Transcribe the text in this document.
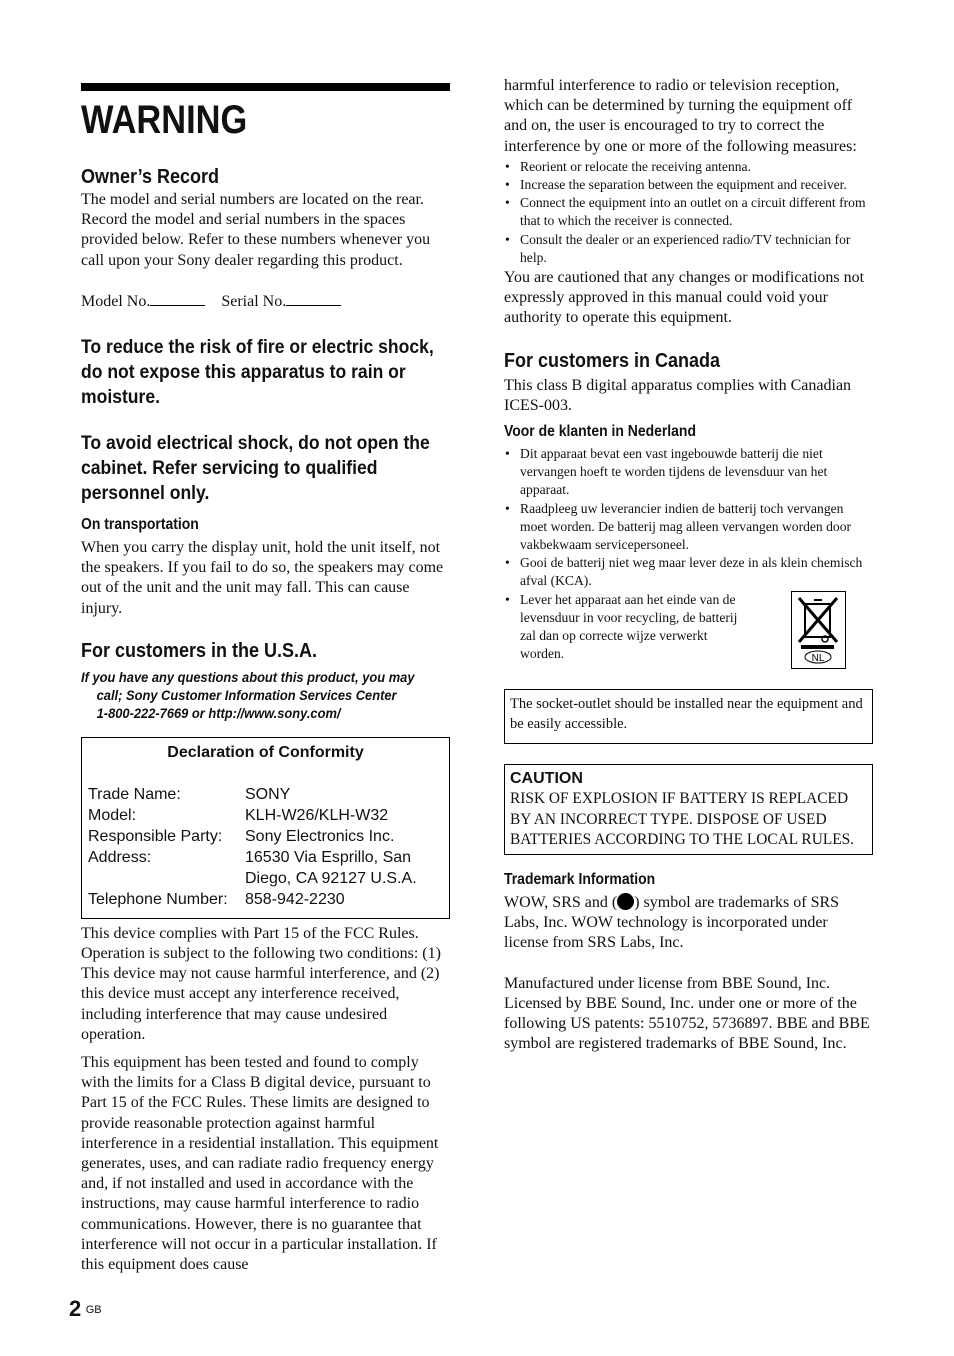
WARNING
Owner’s Record

The model and serial numbers are located on the rear. Record the model and serial numbers in the spaces provided below. Refer to these numbers whenever you call upon your Sony dealer regarding this product.

Model No.	Serial No.

To reduce the risk of fire or electric shock, do not expose this apparatus to rain or moisture.
To avoid electrical shock, do not open the cabinet. Refer servicing to qualified personnel only.
On transportation

When you carry the display unit, hold the unit itself, not the speakers. If you fail to do so, the speakers may come out of the unit and the unit may fall. This can cause injury.

For customers in the U.S.A.
If you have any questions about this product, you may
call; Sony Customer Information Services Center
1-800-222-7669 or http://www.sony.com/
Declaration of Conformity
Trade Name:	SONY
Model:	KLH-W26/KLH-W32
Responsible Party:	Sony Electronics Inc.
Address:	16530 Via Esprillo, San Diego, CA 92127 U.S.A.
Telephone Number:	858-942-2230

This device complies with Part 15 of the FCC Rules. Operation is subject to the following two conditions: (1) This device may not cause harmful interference, and (2) this device must accept any interference received, including interference that may cause undesired operation.

This equipment has been tested and found to comply with the limits for a Class B digital device, pursuant to Part 15 of the FCC Rules. These limits are designed to provide reasonable protection against harmful interference in a residential installation. This equipment generates, uses, and can radiate radio frequency energy and, if not installed and used in accordance with the instructions, may cause harmful interference to radio communications. However, there is no guarantee that interference will not occur in a particular installation. If this equipment does cause

harmful interference to radio or television reception, which can be determined by turning the equipment off and on, the user is encouraged to try to correct the interference by one or more of the following measures:

• Reorient or relocate the receiving antenna.
• Increase the separation between the equipment and receiver.
• Connect the equipment into an outlet on a circuit different from that to which the receiver is connected.
• Consult the dealer or an experienced radio/TV technician for help.

You are cautioned that any changes or modifications not expressly approved in this manual could void your authority to operate this equipment.

For customers in Canada

This class B digital apparatus complies with Canadian ICES-003.

Voor de klanten in Nederland
• Dit apparaat bevat een vast ingebouwde batterij die niet vervangen hoeft te worden tijdens de levensduur van het apparaat.
• Raadpleeg uw leverancier indien de batterij toch vervangen moet worden. De batterij mag alleen vervangen worden door vakbekwaam servicepersoneel.
• Gooi de batterij niet weg maar lever deze in als klein chemisch afval (KCA).
• Lever het apparaat aan het einde van de levensduur in voor recycling, de batterij zal dan op correcte wijze verwerkt worden.	NL

The socket-outlet should be installed near the equipment and be easily accessible.

CAUTION

RISK OF EXPLOSION IF BATTERY IS REPLACED BY AN INCORRECT TYPE. DISPOSE OF USED BATTERIES ACCORDING TO THE LOCAL RULES.

Trademark Information

WOW, SRS and ( ) symbol are trademarks of SRS Labs, Inc. WOW technology is incorporated under license from SRS Labs, Inc.

Manufactured under license from BBE Sound, Inc. Licensed by BBE Sound, Inc. under one or more of the following US patents: 5510752, 5736897. BBE and BBE symbol are registered trademarks of BBE Sound, Inc.

2 $^{GB}$
